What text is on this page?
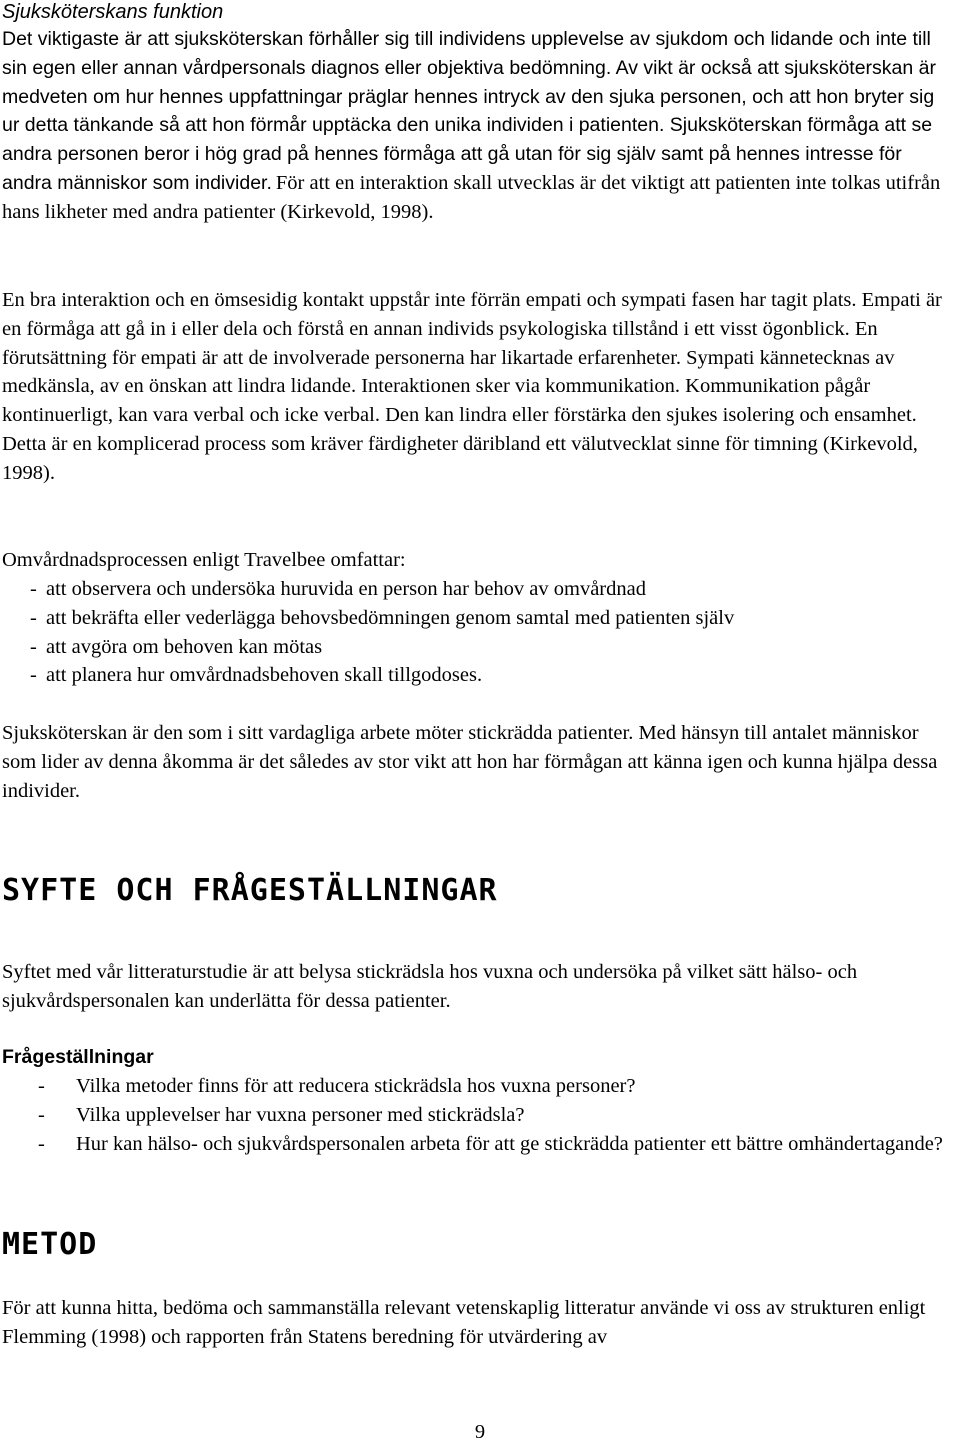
Sjuksköterskans funktion

Det viktigaste är att sjuksköterskan förhåller sig till individens upplevelse av sjukdom och lidande och inte till sin egen eller annan vårdpersonals diagnos eller objektiva bedömning. Av vikt är också att sjuksköterskan är medveten om hur hennes uppfattningar präglar hennes intryck av den sjuka personen, och att hon bryter sig ur detta tänkande så att hon förmår upptäcka den unika individen i patienten. Sjuksköterskan förmåga att se andra personen beror i hög grad på hennes förmåga att gå utan för sig själv samt på hennes intresse för andra människor som individer. För att en interaktion skall utvecklas är det viktigt att patienten inte tolkas utifrån hans likheter med andra patienter (Kirkevold, 1998).

En bra interaktion och en ömsesidig kontakt uppstår inte förrän empati och sympati fasen har tagit plats. Empati är en förmåga att gå in i eller dela och förstå en annan individs psykologiska tillstånd i ett visst ögonblick. En förutsättning för empati är att de involverade personerna har likartade erfarenheter. Sympati kännetecknas av medkänsla, av en önskan att lindra lidande. Interaktionen sker via kommunikation. Kommunikation pågår kontinuerligt, kan vara verbal och icke verbal. Den kan lindra eller förstärka den sjukes isolering och ensamhet. Detta är en komplicerad process som kräver färdigheter däribland ett välutvecklat sinne för timning (Kirkevold, 1998).
Omvårdnadsprocessen enligt Travelbee omfattar:
- att observera och undersöka huruvida en person har behov av omvårdnad
- att bekräfta eller vederlägga behovsbedömningen genom samtal med patienten själv
- att avgöra om behoven kan mötas
- att planera hur omvårdnadsbehoven skall tillgodoses.
Sjuksköterskan är den som i sitt vardagliga arbete möter stickrädda patienter. Med hänsyn till antalet människor som lider av denna åkomma är det således av stor vikt att hon har förmågan att känna igen och kunna hjälpa dessa individer.
SYFTE OCH FRÅGESTÄLLNINGAR
Syftet med vår litteraturstudie är att belysa stickrädsla hos vuxna och undersöka på vilket sätt hälso- och sjukvårdspersonalen kan underlätta för dessa patienter.
Frågeställningar
- Vilka metoder finns för att reducera stickrädsla hos vuxna personer?
- Vilka upplevelser har vuxna personer med stickrädsla?
- Hur kan hälso- och sjukvårdspersonalen arbeta för att ge stickrädda patienter ett bättre omhändertagande?
METOD
För att kunna hitta, bedöma och sammanställa relevant vetenskaplig litteratur använde vi oss av strukturen enligt Flemming (1998) och rapporten från Statens beredning för utvärdering av
9
